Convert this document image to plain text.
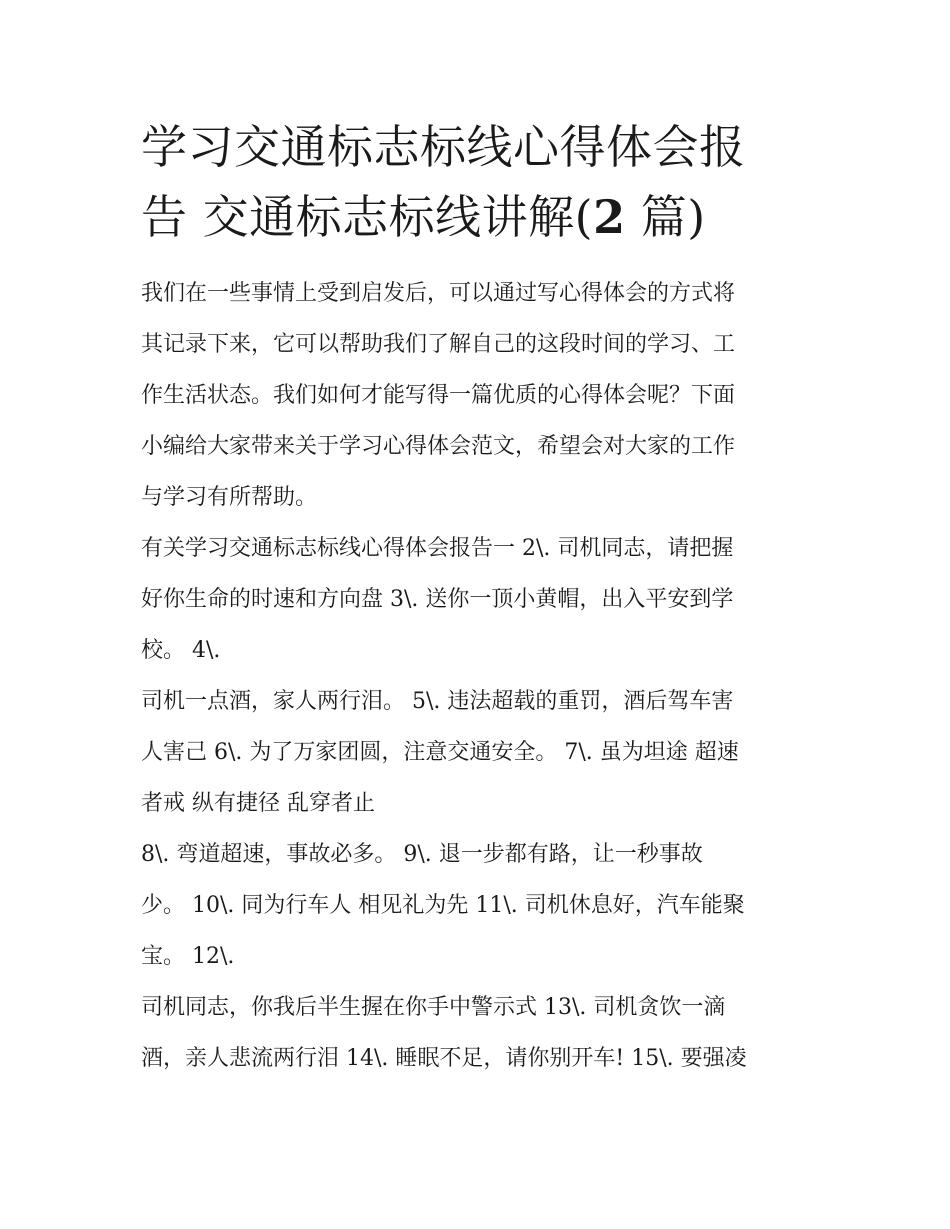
学习交通标志标线心得体会报
告 交通标志标线讲解(2 篇)

我们在一些事情上受到启发后，可以通过写心得体会的方式将
其记录下来，它可以帮助我们了解自己的这段时间的学习、工
作生活状态。我们如何才能写得一篇优质的心得体会呢？下面
小编给大家带来关于学习心得体会范文，希望会对大家的工作
与学习有所帮助。

有关学习交通标志标线心得体会报告一 2\. 司机同志，请把握
好你生命的时速和方向盘 3\. 送你一顶小黄帽，出入平安到学
校。 4\.

司机一点酒，家人两行泪。 5\. 违法超载的重罚，酒后驾车害
人害己 6\. 为了万家团圆，注意交通安全。 7\. 虽为坦途 超速
者戒 纵有捷径 乱穿者止

8\. 弯道超速，事故必多。 9\. 退一步都有路，让一秒事故
少。 10\. 同为行车人 相见礼为先 11\. 司机休息好，汽车能聚
宝。 12\.

司机同志，你我后半生握在你手中警示式 13\. 司机贪饮一滴
酒，亲人悲流两行泪 14\. 睡眠不足，请你别开车! 15\. 要强凌
